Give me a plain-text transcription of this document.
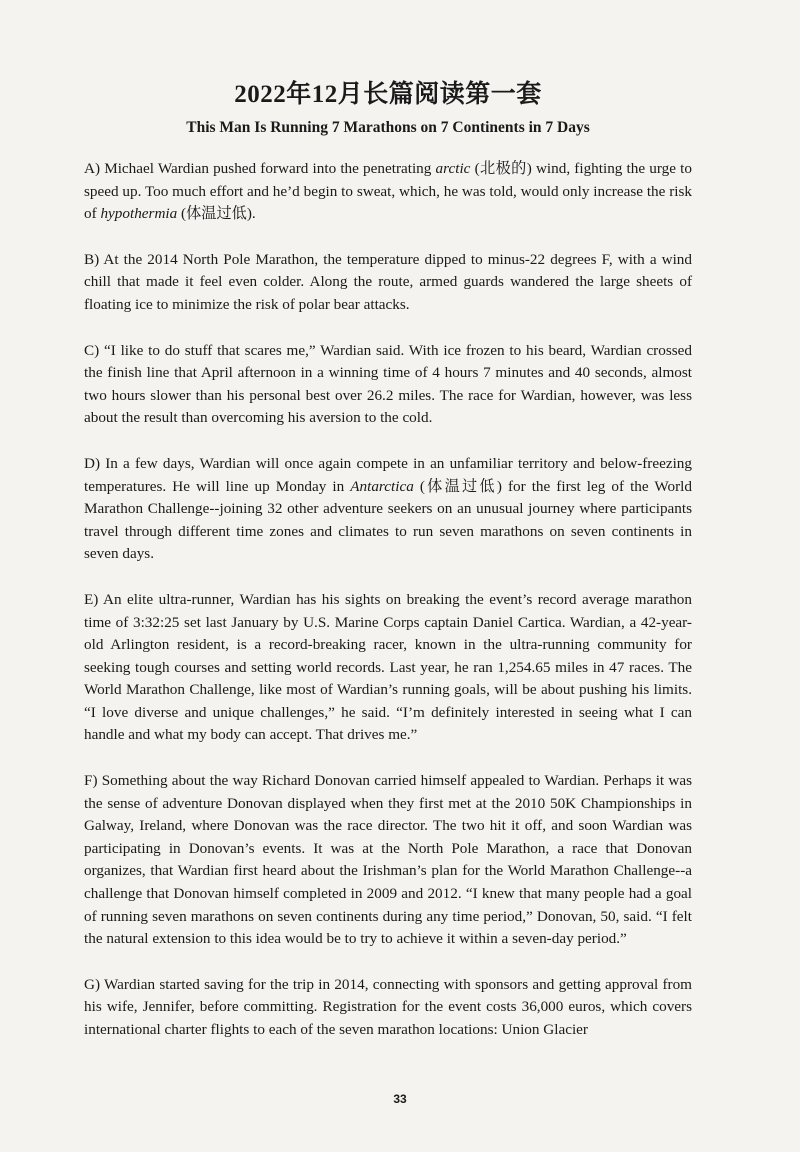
2022年12月长篇阅读第一套
This Man Is Running 7 Marathons on 7 Continents in 7 Days

A) Michael Wardian pushed forward into the penetrating arctic (北极的) wind, fighting the urge to speed up. Too much effort and he’d begin to sweat, which, he was told, would only increase the risk of hypothermia (体温过低).

B) At the 2014 North Pole Marathon, the temperature dipped to minus-22 degrees F, with a wind chill that made it feel even colder. Along the route, armed guards wandered the large sheets of floating ice to minimize the risk of polar bear attacks.

C) “I like to do stuff that scares me,” Wardian said. With ice frozen to his beard, Wardian crossed the finish line that April afternoon in a winning time of 4 hours 7 minutes and 40 seconds, almost two hours slower than his personal best over 26.2 miles. The race for Wardian, however, was less about the result than overcoming his aversion to the cold.

D) In a few days, Wardian will once again compete in an unfamiliar territory and below-freezing temperatures. He will line up Monday in Antarctica (体温过低) for the first leg of the World Marathon Challenge--joining 32 other adventure seekers on an unusual journey where participants travel through different time zones and climates to run seven marathons on seven continents in seven days.

E) An elite ultra-runner, Wardian has his sights on breaking the event’s record average marathon time of 3:32:25 set last January by U.S. Marine Corps captain Daniel Cartica. Wardian, a 42-year-old Arlington resident, is a record-breaking racer, known in the ultra-running community for seeking tough courses and setting world records. Last year, he ran 1,254.65 miles in 47 races. The World Marathon Challenge, like most of Wardian’s running goals, will be about pushing his limits. “I love diverse and unique challenges,” he said. “I’m definitely interested in seeing what I can handle and what my body can accept. That drives me.”

F) Something about the way Richard Donovan carried himself appealed to Wardian. Perhaps it was the sense of adventure Donovan displayed when they first met at the 2010 50K Championships in Galway, Ireland, where Donovan was the race director. The two hit it off, and soon Wardian was participating in Donovan’s events. It was at the North Pole Marathon, a race that Donovan organizes, that Wardian first heard about the Irishman’s plan for the World Marathon Challenge--a challenge that Donovan himself completed in 2009 and 2012. “I knew that many people had a goal of running seven marathons on seven continents during any time period,” Donovan, 50, said. “I felt the natural extension to this idea would be to try to achieve it within a seven-day period.”

G) Wardian started saving for the trip in 2014, connecting with sponsors and getting approval from his wife, Jennifer, before committing. Registration for the event costs 36,000 euros, which covers international charter flights to each of the seven marathon locations: Union Glacier

33
